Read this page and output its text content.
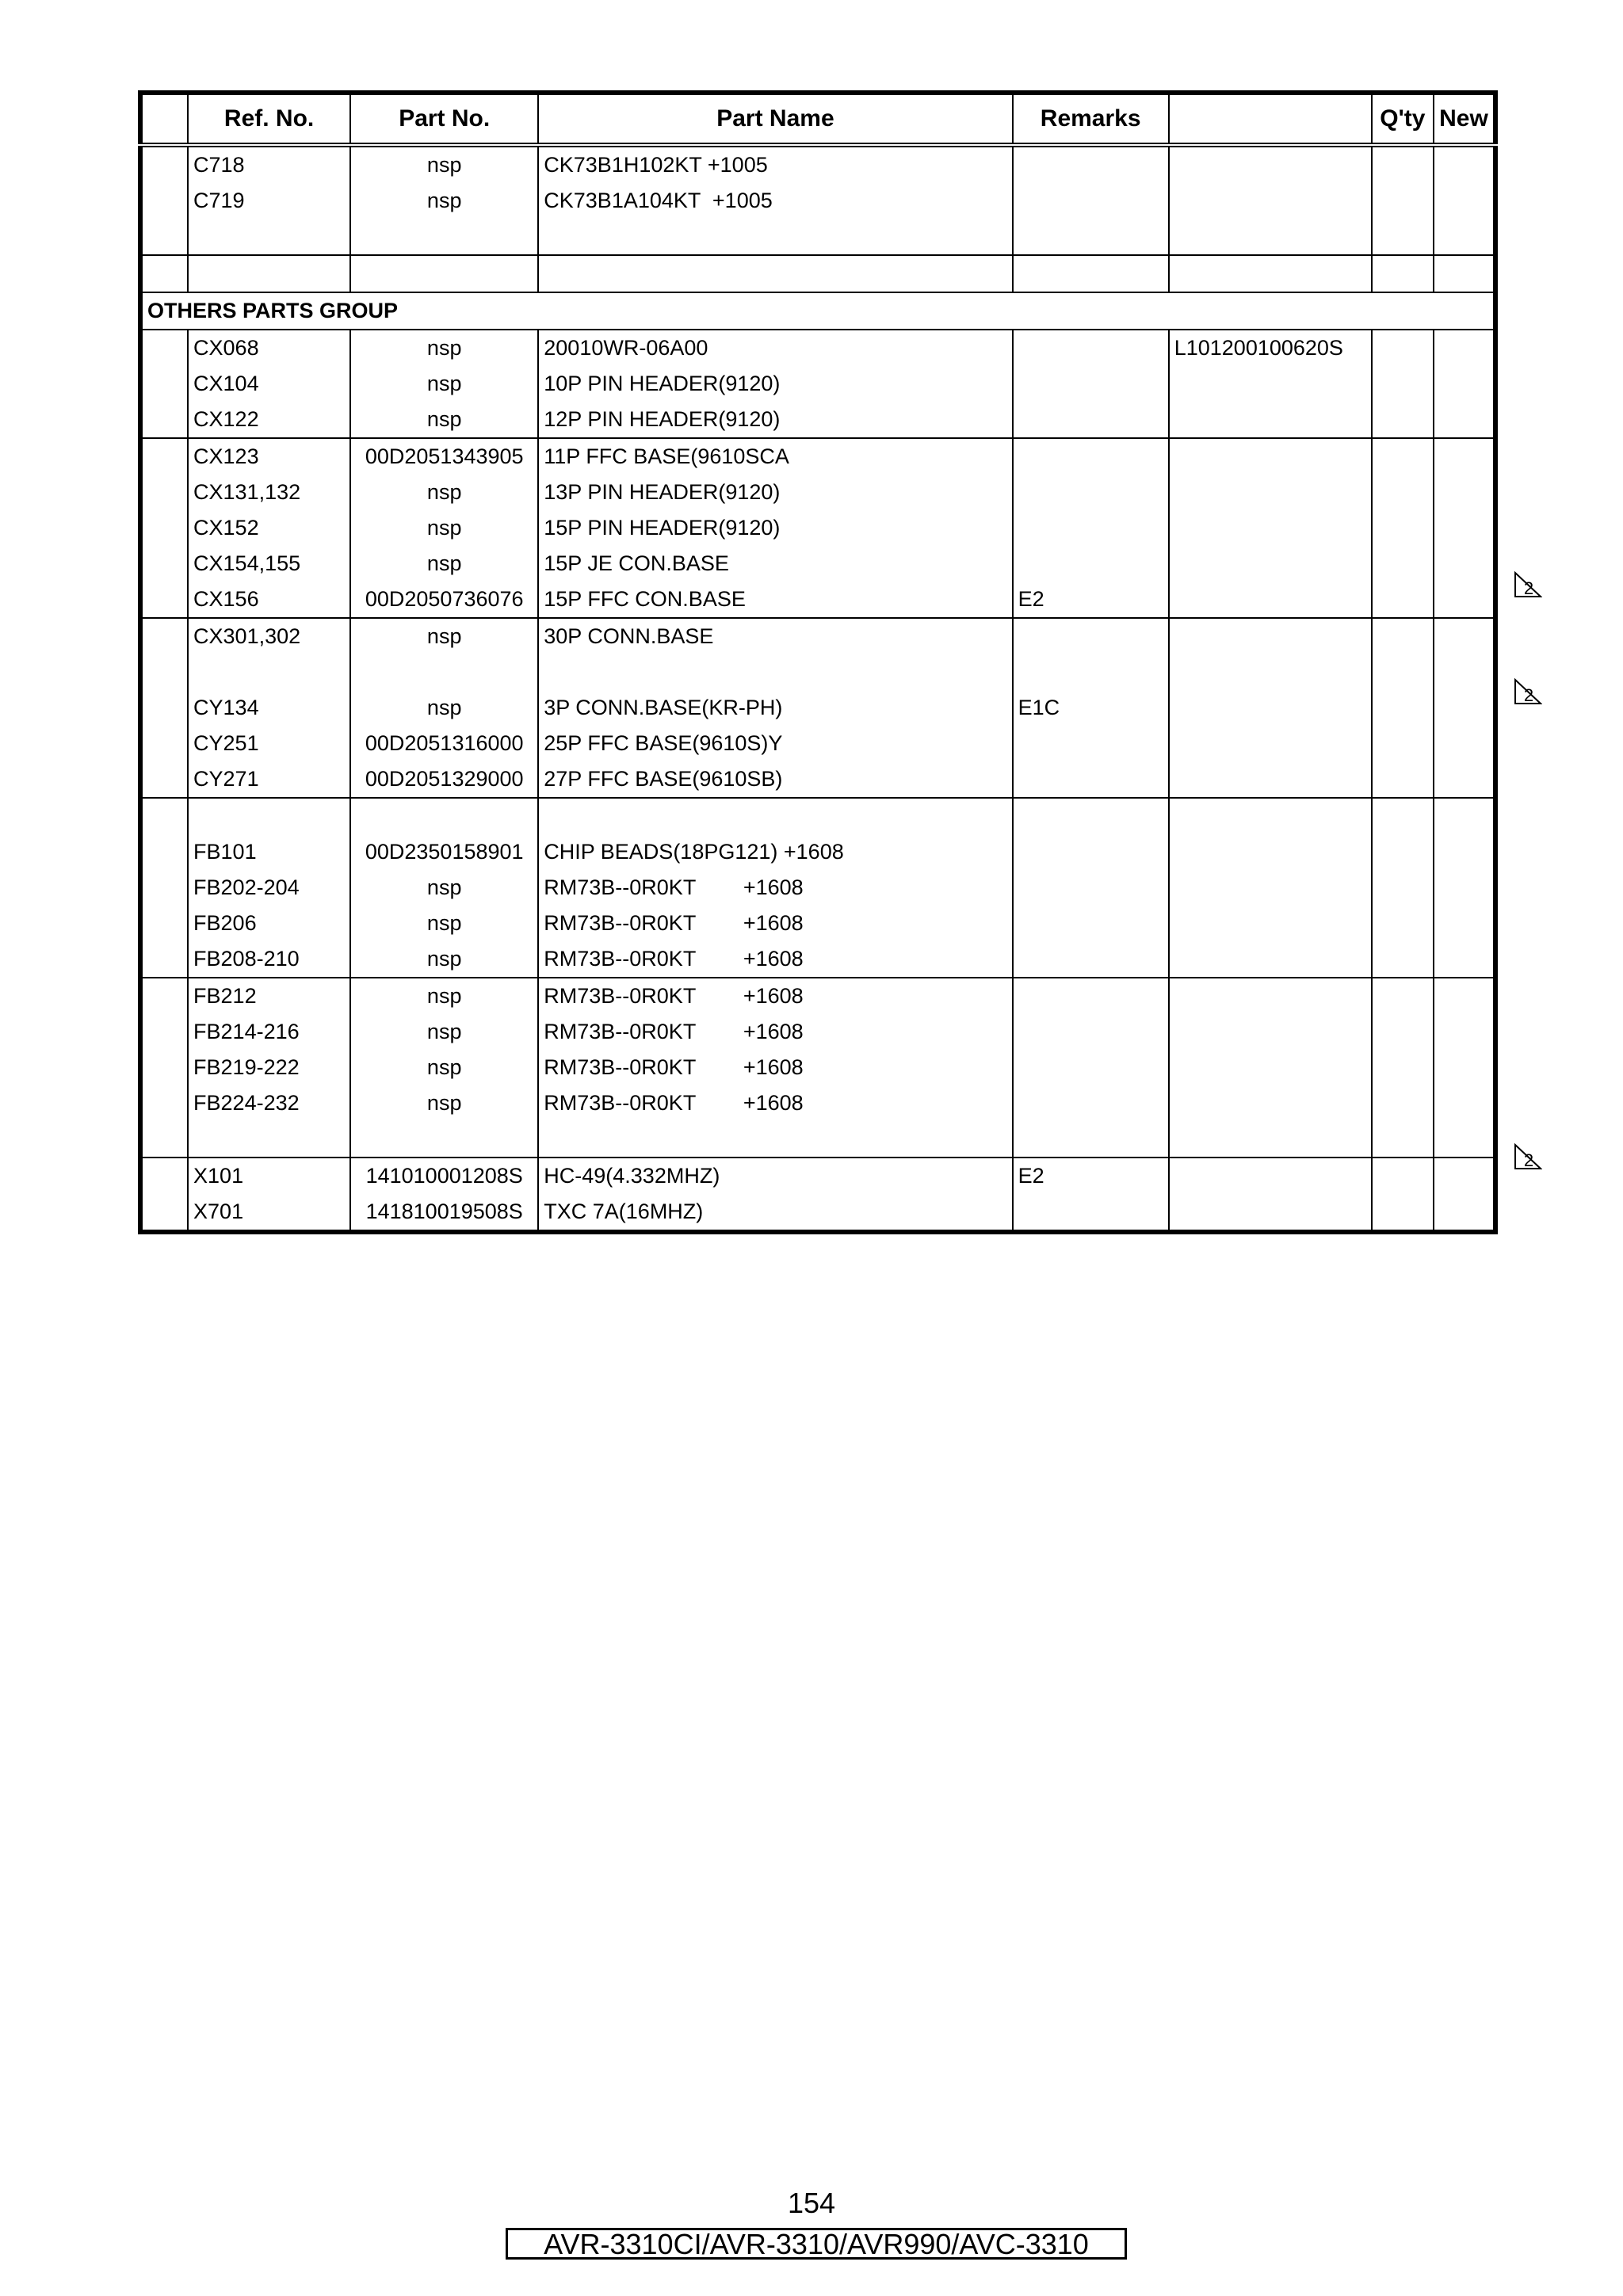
	Ref. No.	Part No.	Part Name	Remarks		Q'ty	New
	C718	nsp	CK73B1H102KT +1005				
	C719	nsp	CK73B1A104KT  +1005				

OTHERS PARTS GROUP							
	CX068	nsp	20010WR-06A00		L101200100620S		
	CX104	nsp	10P PIN HEADER(9120)				
	CX122	nsp	12P PIN HEADER(9120)				
	CX123	00D2051343905	11P FFC BASE(9610SCA				
	CX131,132	nsp	13P PIN HEADER(9120)				
	CX152	nsp	15P PIN HEADER(9120)				
	CX154,155	nsp	15P JE CON.BASE				
	CX156	00D2050736076	15P FFC CON.BASE	E2			
	CX301,302	nsp	30P CONN.BASE				

	CY134	nsp	3P CONN.BASE(KR-PH)	E1C			
	CY251	00D2051316000	25P FFC BASE(9610S)Y				
	CY271	00D2051329000	27P FFC BASE(9610SB)				

	FB101	00D2350158901	CHIP BEADS(18PG121) +1608				
	FB202-204	nsp	RM73B--0R0KT        +1608				
	FB206	nsp	RM73B--0R0KT        +1608				
	FB208-210	nsp	RM73B--0R0KT        +1608				
	FB212	nsp	RM73B--0R0KT        +1608				
	FB214-216	nsp	RM73B--0R0KT        +1608				
	FB219-222	nsp	RM73B--0R0KT        +1608				
	FB224-232	nsp	RM73B--0R0KT        +1608				

	X101	141010001208S	HC-49(4.332MHZ)	E2			
	X701	141810019508S	TXC 7A(16MHZ)				
2
2
2
154
AVR-3310CI/AVR-3310/AVR990/AVC-3310
